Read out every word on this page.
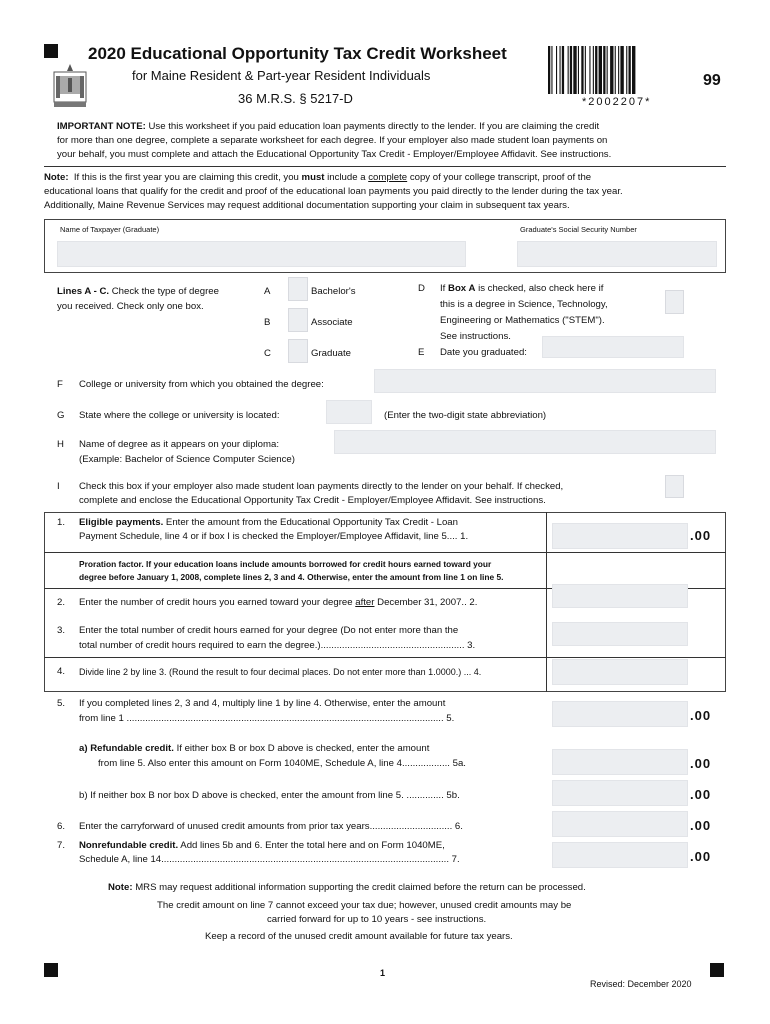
2020 Educational Opportunity Tax Credit Worksheet
for Maine Resident & Part-year Resident Individuals
36 M.R.S. § 5217-D	*2002207*
99
IMPORTANT NOTE: Use this worksheet if you paid education loan payments directly to the lender. If you are claiming the credit
for more than one degree, complete a separate worksheet for each degree. If your employer also made student loan payments on
your behalf, you must complete and attach the Educational Opportunity Tax Credit - Employer/Employee Affidavit. See instructions.
Note: If this is the first year you are claiming this credit, you must include a complete copy of your college transcript, proof of the
educational loans that qualify for the credit and proof of the educational loan payments you paid directly to the lender during the tax year.
Additionally, Maine Revenue Services may request additional documentation supporting your claim in subsequent tax years.
Name of Taxpayer (Graduate)	Graduate's Social Security Number
Lines A - C. Check the type of degree
you received. Check only one box.
A	Bachelor's
B	Associate
C	Graduate
D If Box A is checked, also check here if
this is a degree in Science, Technology,
Engineering or Mathematics ("STEM").
See instructions.
E Date you graduated:
F College or university from which you obtained the degree:
G State where the college or university is located:	(Enter the two-digit state abbreviation)
H Name of degree as it appears on your diploma:
(Example: Bachelor of Science Computer Science)
I Check this box if your employer also made student loan payments directly to the lender on your behalf. If checked,
complete and enclose the Educational Opportunity Tax Credit - Employer/Employee Affidavit. See instructions.
1. Eligible payments. Enter the amount from the Educational Opportunity Tax Credit - Loan
Payment Schedule, line 4 or if box I is checked the Employer/Employee Affidavit, line 5.... 1.	.00
Proration factor. If your education loans include amounts borrowed for credit hours earned toward your
degree before January 1, 2008, complete lines 2, 3 and 4. Otherwise, enter the amount from line 1 on line 5.
2. Enter the number of credit hours you earned toward your degree after December 31, 2007.. 2.
3. Enter the total number of credit hours earned for your degree (Do not enter more than the
total number of credit hours required to earn the degree.)...................................................... 3.
4. Divide line 2 by line 3. (Round the result to four decimal places. Do not enter more than 1.0000.) ... 4.
5. If you completed lines 2, 3 and 4, multiply line 1 by line 4. Otherwise, enter the amount
from line 1 ....................................................................................................................... 5.	.00
a) Refundable credit. If either box B or box D above is checked, enter the amount
from line 5. Also enter this amount on Form 1040ME, Schedule A, line 4.................. 5a.	.00
b) If neither box B nor box D above is checked, enter the amount from line 5. .............. 5b.	.00
6. Enter the carryforward of unused credit amounts from prior tax years............................... 6.	.00
7. Nonrefundable credit. Add lines 5b and 6. Enter the total here and on Form 1040ME,
Schedule A, line 14............................................................................................................ 7.	.00
Note: MRS may request additional information supporting the credit claimed before the return can be processed.
The credit amount on line 7 cannot exceed your tax due; however, unused credit amounts may be
carried forward for up to 10 years - see instructions.
Keep a record of the unused credit amount available for future tax years.
1
Revised: December 2020
